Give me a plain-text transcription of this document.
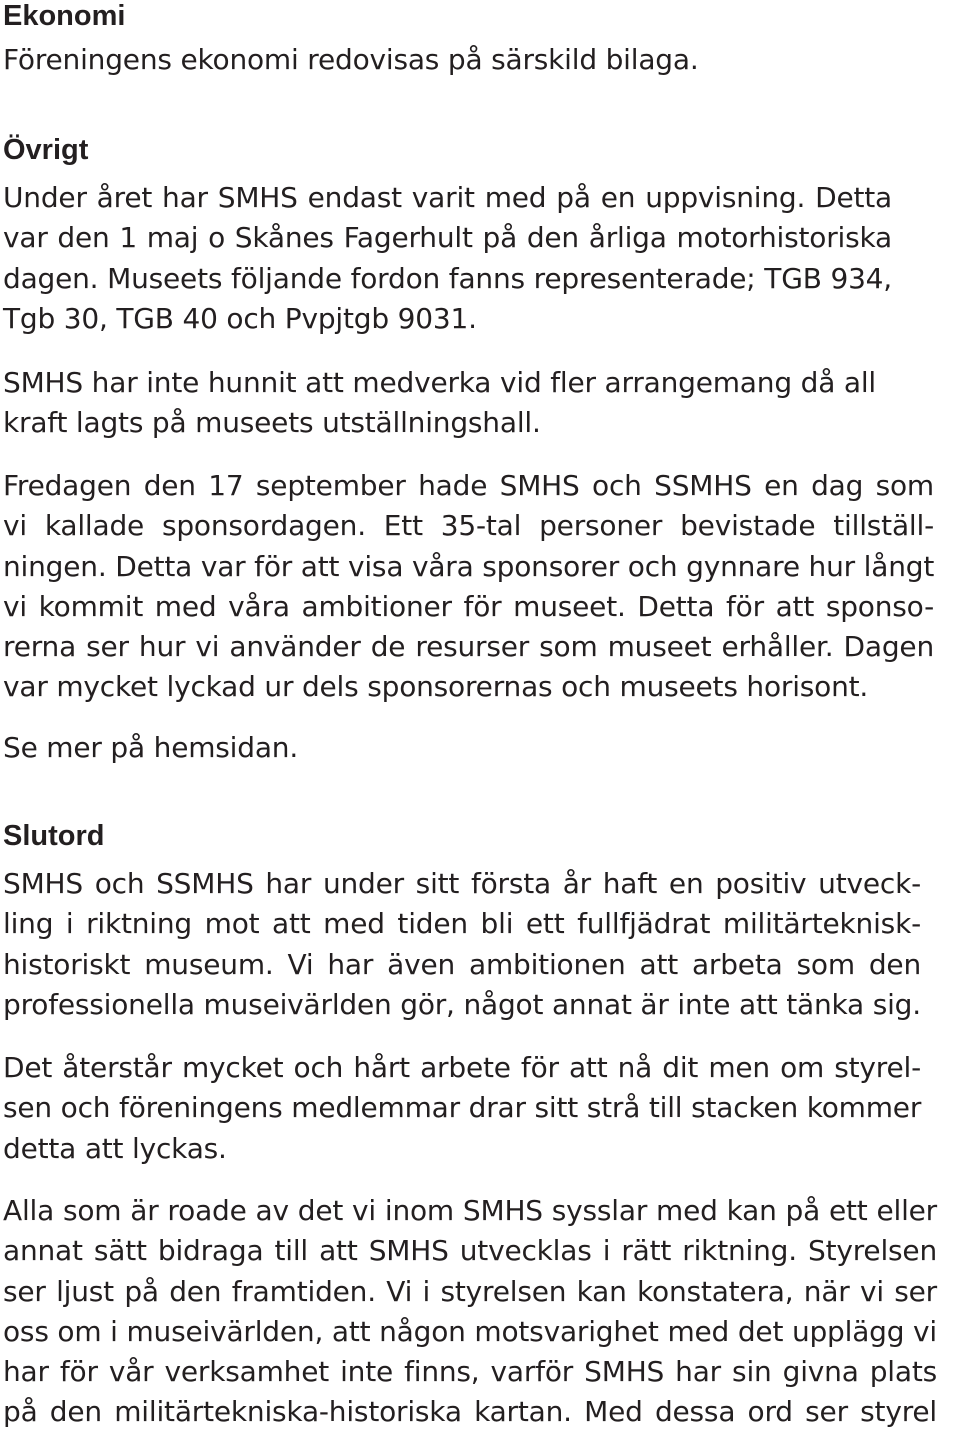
Ekonomi

Föreningens ekonomi redovisas på särskild bilaga.

Övrigt

Under året har SMHS endast varit med på en uppvisning. Detta
var den 1 maj o Skånes Fagerhult på den årliga motorhistoriska
dagen. Museets följande fordon fanns representerade; TGB 934,
Tgb 30, TGB 40 och Pvpjtgb 9031.

SMHS har inte hunnit att medverka vid fler arrangemang då all
kraft lagts på museets utställningshall.

Fredagen den 17 september hade SMHS och SSMHS en dag som
vi kallade sponsordagen. Ett 35-tal personer bevistade tillställ-
ningen. Detta var för att visa våra sponsorer och gynnare hur långt
vi kommit med våra ambitioner för museet. Detta för att sponso-
rerna ser hur vi använder de resurser som museet erhåller. Dagen
var mycket lyckad ur dels sponsorernas och museets horisont.

Se mer på hemsidan.

Slutord

SMHS och SSMHS har under sitt första år haft en positiv utveck-
ling i riktning mot att med tiden bli ett fullfjädrat militärteknisk-
historiskt museum. Vi har även ambitionen att arbeta som den
professionella museivärlden gör, något annat är inte att tänka sig.

Det återstår mycket och hårt arbete för att nå dit men om styrel-
sen och föreningens medlemmar drar sitt strå till stacken kommer
detta att lyckas.

Alla som är roade av det vi inom SMHS sysslar med kan på ett eller
annat sätt bidraga till att SMHS utvecklas i rätt riktning. Styrelsen
ser ljust på den framtiden. Vi i styrelsen kan konstatera, när vi ser
oss om i museivärlden, att någon motsvarighet med det upplägg vi
har för vår verksamhet inte finns, varför SMHS har sin givna plats
på den militärtekniska-historiska kartan. Med dessa ord ser styrel
